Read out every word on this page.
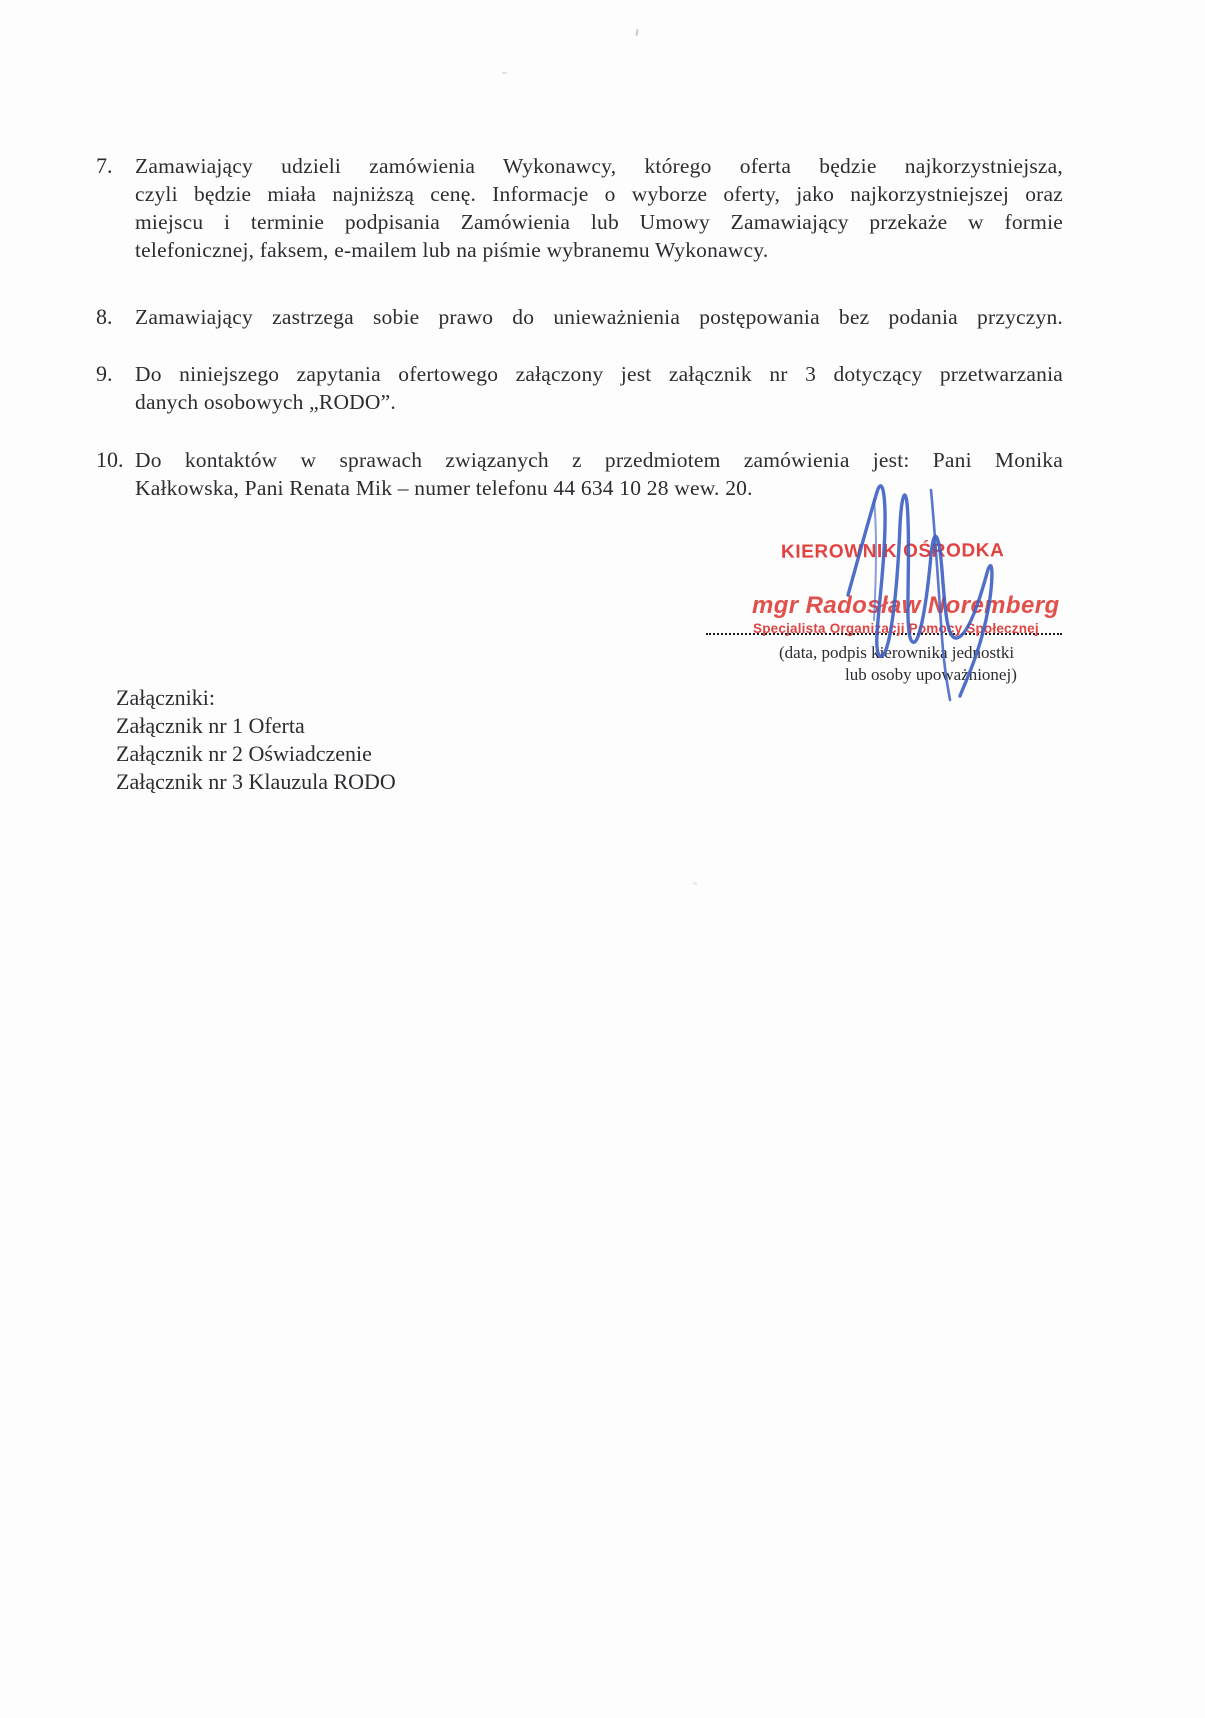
7. Zamawiający udzieli zamówienia Wykonawcy, którego oferta będzie najkorzystniejsza,
czyli będzie miała najniższą cenę. Informacje o wyborze oferty, jako najkorzystniejszej oraz
miejscu i terminie podpisania Zamówienia lub Umowy Zamawiający przekaże w formie
telefonicznej, faksem, e-mailem lub na piśmie wybranemu Wykonawcy.
8. Zamawiający zastrzega sobie prawo do unieważnienia postępowania bez podania przyczyn.
9. Do niniejszego zapytania ofertowego załączony jest załącznik nr 3 dotyczący przetwarzania
danych osobowych „RODO”.
10. Do kontaktów w sprawach związanych z przedmiotem zamówienia jest: Pani Monika
Kałkowska, Pani Renata Mik – numer telefonu 44 634 10 28 wew. 20.
KIEROWNIK OŚRODKA
mgr Radosław Noremberg
Specjalista Organizacji Pomocy Społecznej
(data, podpis kierownika jednostki
lub osoby upoważnionej)
Załączniki:
Załącznik nr 1 Oferta
Załącznik nr 2 Oświadczenie
Załącznik nr 3 Klauzula RODO
